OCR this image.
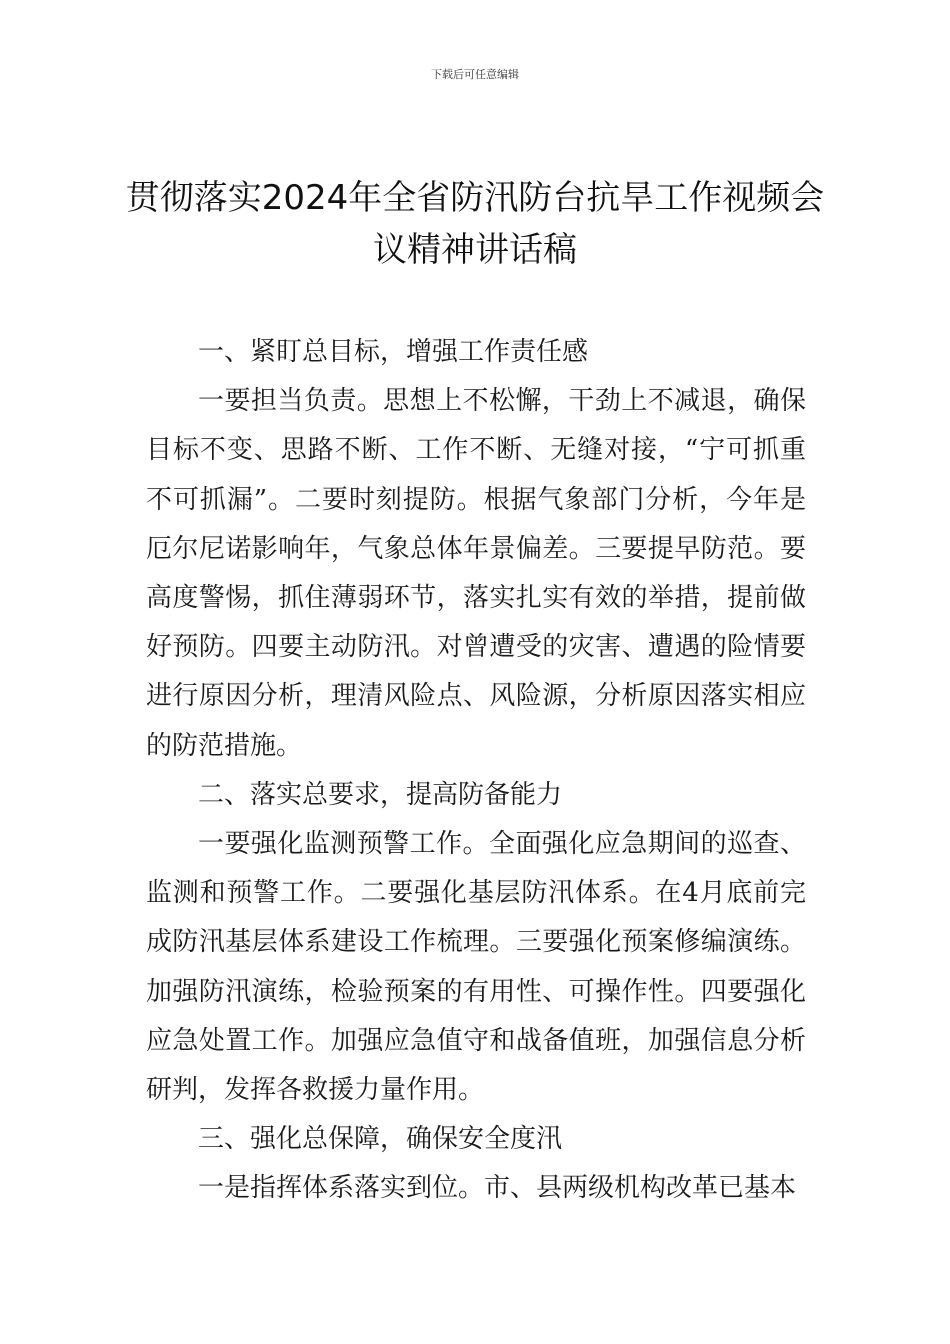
下载后可任意编辑
贯彻落实2024年全省防汛防台抗旱工作视频会议精神讲话稿

一、紧盯总目标，增强工作责任感

一要担当负责。思想上不松懈，干劲上不减退，确保目标不变、思路不断、工作不断、无缝对接，“宁可抓重不可抓漏”。二要时刻提防。根据气象部门分析，今年是厄尔尼诺影响年，气象总体年景偏差。三要提早防范。要高度警惕，抓住薄弱环节，落实扎实有效的举措，提前做好预防。四要主动防汛。对曾遭受的灾害、遭遇的险情要进行原因分析，理清风险点、风险源，分析原因落实相应的防范措施。

二、落实总要求，提高防备能力

一要强化监测预警工作。全面强化应急期间的巡查、监测和预警工作。二要强化基层防汛体系。在4月底前完成防汛基层体系建设工作梳理。三要强化预案修编演练。加强防汛演练，检验预案的有用性、可操作性。四要强化应急处置工作。加强应急值守和战备值班，加强信息分析研判，发挥各救援力量作用。

三、强化总保障，确保安全度汛

一是指挥体系落实到位。市、县两级机构改革已基本
